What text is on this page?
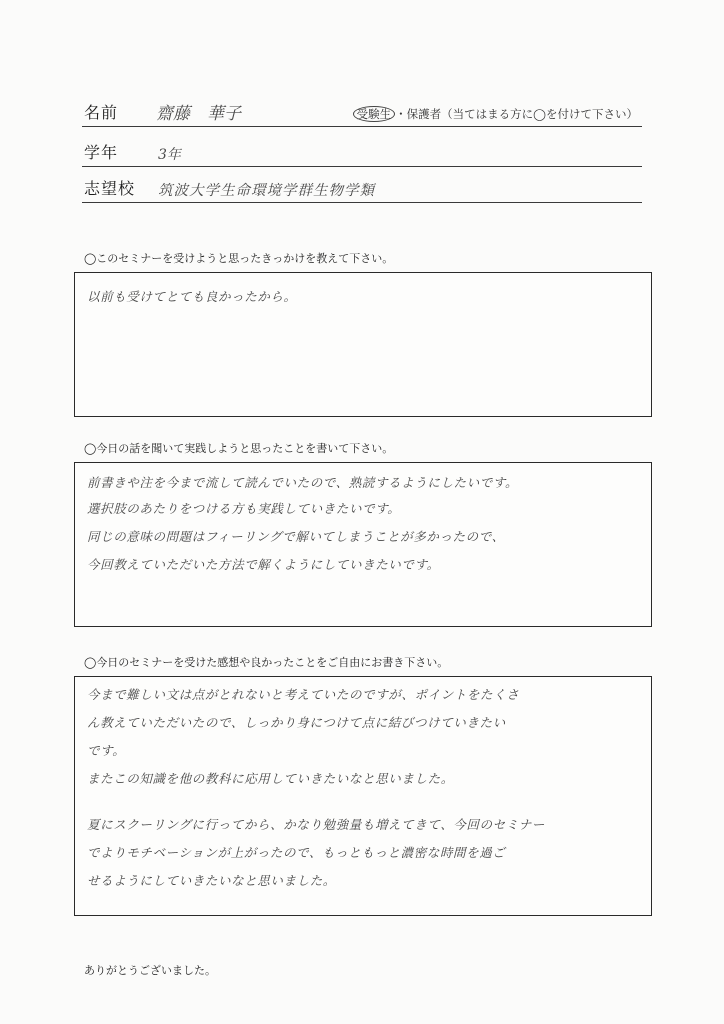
名前 齋藤　華子	受験生 ・保護者（当てはまる方に◯を付けて下さい）
学年	3年
志望校 筑波大学生命環境学群生物学類
◯このセミナーを受けようと思ったきっかけを教えて下さい。
以前も受けてとても良かったから。
◯今日の話を聞いて実践しようと思ったことを書いて下さい。
前書きや注を今まで流して読んでいたので、熟読するようにしたいです。
選択肢のあたりをつける方も実践していきたいです。
同じの意味の問題はフィーリングで解いてしまうことが多かったので、
今回教えていただいた方法で解くようにしていきたいです。
◯今日のセミナーを受けた感想や良かったことをご自由にお書き下さい。
今まで難しい文は点がとれないと考えていたのですが、ポイントをたくさ
ん教えていただいたので、しっかり身につけて点に結びつけていきたい
です。
またこの知識を他の教科に応用していきたいなと思いました。
夏にスクーリングに行ってから、かなり勉強量も増えてきて、今回のセミナー
でよりモチベーションが上がったので、もっともっと濃密な時間を過ご
せるようにしていきたいなと思いました。
ありがとうございました。
